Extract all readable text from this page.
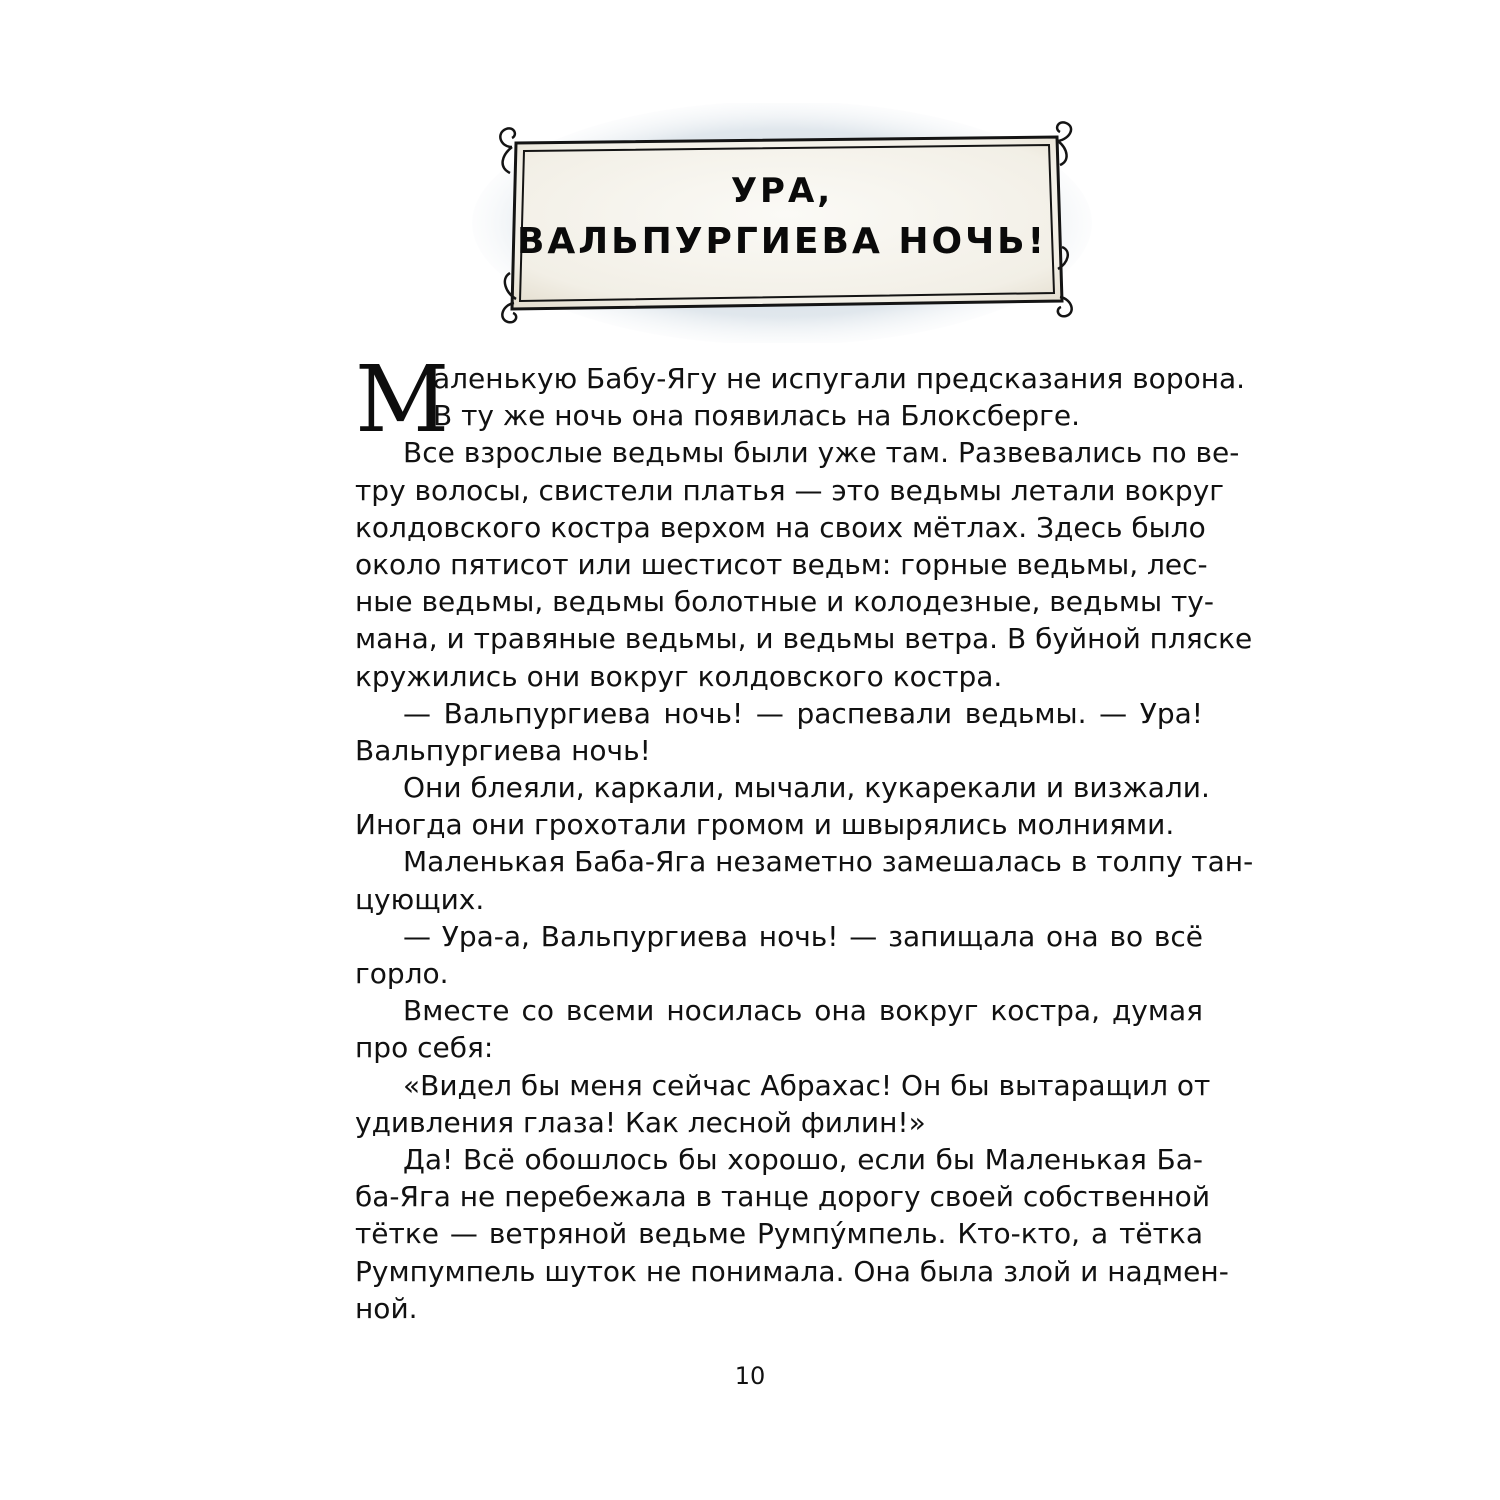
УРА,
ВАЛЬПУРГИЕВА НОЧЬ!
М
аленькую Бабу-Ягу не испугали предсказания ворона.
В ту же ночь она появилась на Блоксберге.
Все взрослые ведьмы были уже там. Развевались по ве-
тру волосы, свистели платья — это ведьмы летали вокруг
колдовского костра верхом на своих мётлах. Здесь было
около пятисот или шестисот ведьм: горные ведьмы, лес-
ные ведьмы, ведьмы болотные и колодезные, ведьмы ту-
мана, и травяные ведьмы, и ведьмы ветра. В буйной пляске
кружились они вокруг колдовского костра.
— Вальпургиева ночь! — распевали ведьмы. — Ура!
Вальпургиева ночь!
Они блеяли, каркали, мычали, кукарекали и визжали.
Иногда они грохотали громом и швырялись молниями.
Маленькая Баба-Яга незаметно замешалась в толпу тан-
цующих.
— Ура-а, Вальпургиева ночь! — запищала она во всё
горло.
Вместе со всеми носилась она вокруг костра, думая
про себя:
«Видел бы меня сейчас Абрахас! Он бы вытаращил от
удивления глаза! Как лесной филин!»
Да! Всё обошлось бы хорошо, если бы Маленькая Ба-
ба-Яга не перебежала в танце дорогу своей собственной
тётке — ветряной ведьме Румпу́мпель. Кто-кто, а тётка
Румпумпель шуток не понимала. Она была злой и надмен-
ной.
10
